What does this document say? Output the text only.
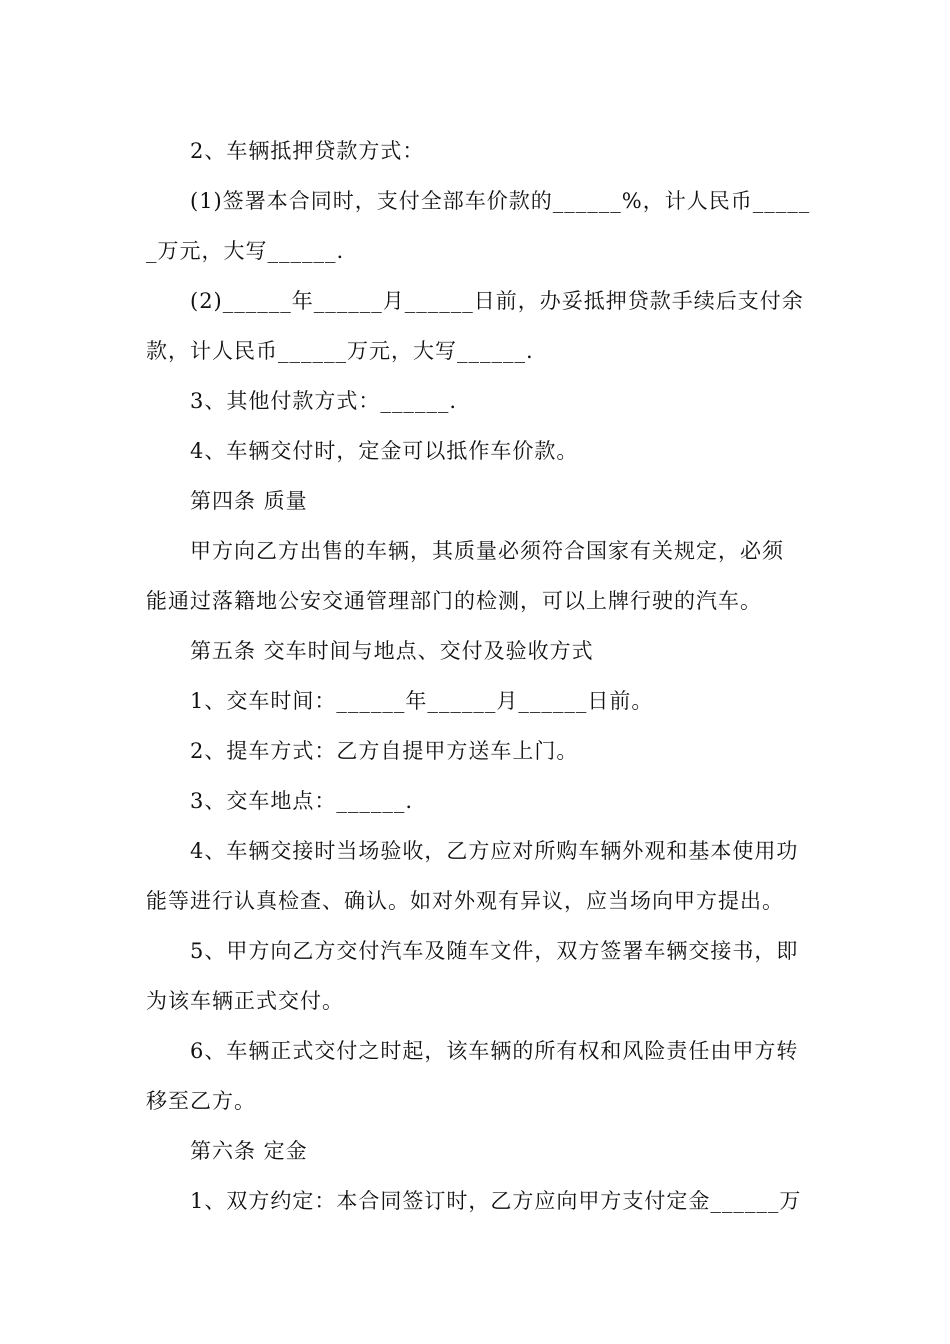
2、车辆抵押贷款方式：

(1)签署本合同时，支付全部车价款的______%，计人民币_____

_万元，大写______.

(2)______年______月______日前，办妥抵押贷款手续后支付余

款，计人民币______万元，大写______.

3、其他付款方式：______.

4、车辆交付时，定金可以抵作车价款。

第四条 质量

甲方向乙方出售的车辆，其质量必须符合国家有关规定，必须

能通过落籍地公安交通管理部门的检测，可以上牌行驶的汽车。

第五条 交车时间与地点、交付及验收方式

1、交车时间：______年______月______日前。

2、提车方式：乙方自提甲方送车上门。

3、交车地点：______.

4、车辆交接时当场验收，乙方应对所购车辆外观和基本使用功

能等进行认真检查、确认。如对外观有异议，应当场向甲方提出。

5、甲方向乙方交付汽车及随车文件，双方签署车辆交接书，即

为该车辆正式交付。

6、车辆正式交付之时起，该车辆的所有权和风险责任由甲方转

移至乙方。

第六条 定金

1、双方约定：本合同签订时，乙方应向甲方支付定金______万
